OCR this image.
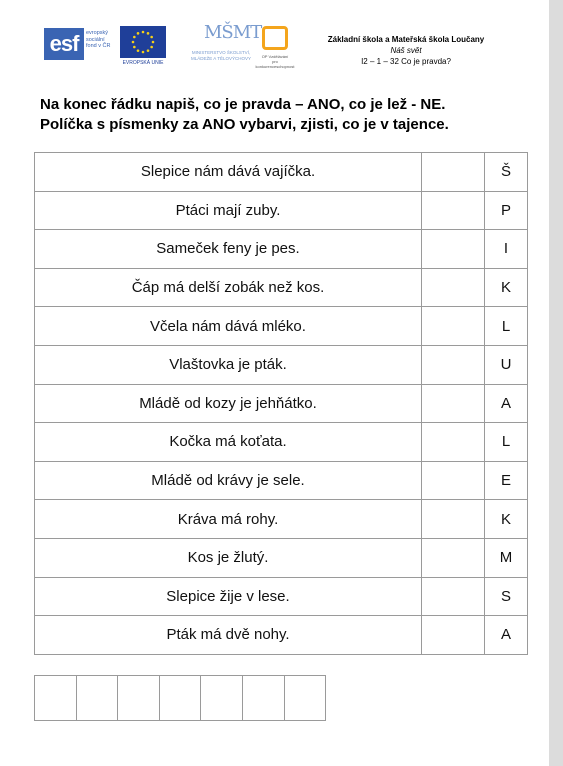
esf	evropský
sociální
fond v ČR
EVROPSKÁ UNIE
MŠMT
MINISTERSTVO ŠKOLSTVÍ,
MLÁDEŽE A TĚLOVÝCHOVY	OP Vzdělávání
pro konkurenceschopnost
Základní škola a Mateřská škola Loučany
Náš svět
I2 – 1 – 32 Co je pravda?
Na konec řádku napiš, co je pravda – ANO, co je lež - NE.
Políčka s písmenky za ANO vybarvi, zjisti, co je v tajence.
Slepice nám dává vajíčka.		Š
Ptáci mají zuby.		P
Sameček feny je pes.		I
Čáp má delší zobák než kos.		K
Včela nám dává mléko.		L
Vlaštovka je pták.		U
Mládě od kozy je jehňátko.		A
Kočka má koťata.		L
Mládě od krávy je sele.		E
Kráva má rohy.		K
Kos je žlutý.		M
Slepice žije v lese.		S
Pták má dvě nohy.		A
